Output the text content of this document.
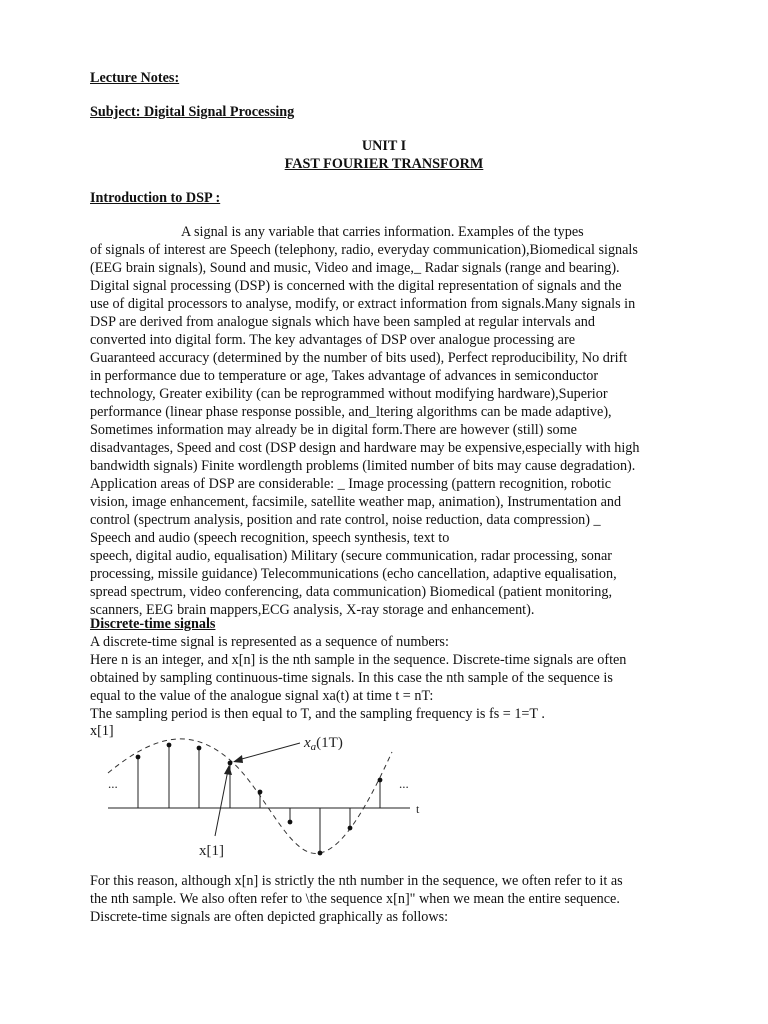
Lecture Notes:
Subject: Digital Signal Processing
UNIT I
FAST FOURIER TRANSFORM
Introduction to DSP :
A signal is any variable that carries information. Examples of the types

of signals of interest are Speech (telephony, radio, everyday communication),Biomedical signals

(EEG brain signals), Sound and music, Video and image,_ Radar signals (range and bearing).

Digital signal processing (DSP) is concerned with the digital representation of signals and the

use of digital processors to analyse, modify, or extract information from signals.Many signals in

DSP are derived from analogue signals which have been sampled at regular intervals and

converted into digital form. The key advantages of DSP over analogue processing are

Guaranteed accuracy (determined by the number of bits used), Perfect reproducibility, No drift

in performance due to temperature or age, Takes advantage of advances in semiconductor

technology, Greater exibility (can be reprogrammed without modifying hardware),Superior

performance (linear phase response possible, and_ltering algorithms can be made adaptive),

Sometimes information may already be in digital form.There are however (still) some

disadvantages, Speed and cost (DSP design and hardware may be expensive,especially with high

bandwidth signals) Finite wordlength problems (limited number of bits may cause degradation).

Application areas of DSP are considerable: _ Image processing (pattern recognition, robotic

vision, image enhancement, facsimile, satellite weather map, animation), Instrumentation and

control (spectrum analysis, position and rate control, noise reduction, data compression) _

Speech and audio (speech recognition, speech synthesis, text to

speech, digital audio, equalisation) Military (secure communication, radar processing, sonar

processing, missile guidance) Telecommunications (echo cancellation, adaptive equalisation,

spread spectrum, video conferencing, data communication) Biomedical (patient monitoring,

scanners, EEG brain mappers,ECG analysis, X-ray storage and enhancement).

Discrete-time signals
A discrete-time signal is represented as a sequence of numbers:

Here n is an integer, and x[n] is the nth sample in the sequence. Discrete-time signals are often

obtained by sampling continuous-time signals. In this case the nth sample of the sequence is

equal to the value of the analogue signal xa(t) at time t = nT:

The sampling period is then equal to T, and the sampling frequency is fs = 1=T .
x[1]
$x_a(1T)$
...	...
t
x[1]

For this reason, although x[n] is strictly the nth number in the sequence, we often refer to it as

the nth sample. We also often refer to \the sequence x[n]" when we mean the entire sequence.

Discrete-time signals are often depicted graphically as follows:
